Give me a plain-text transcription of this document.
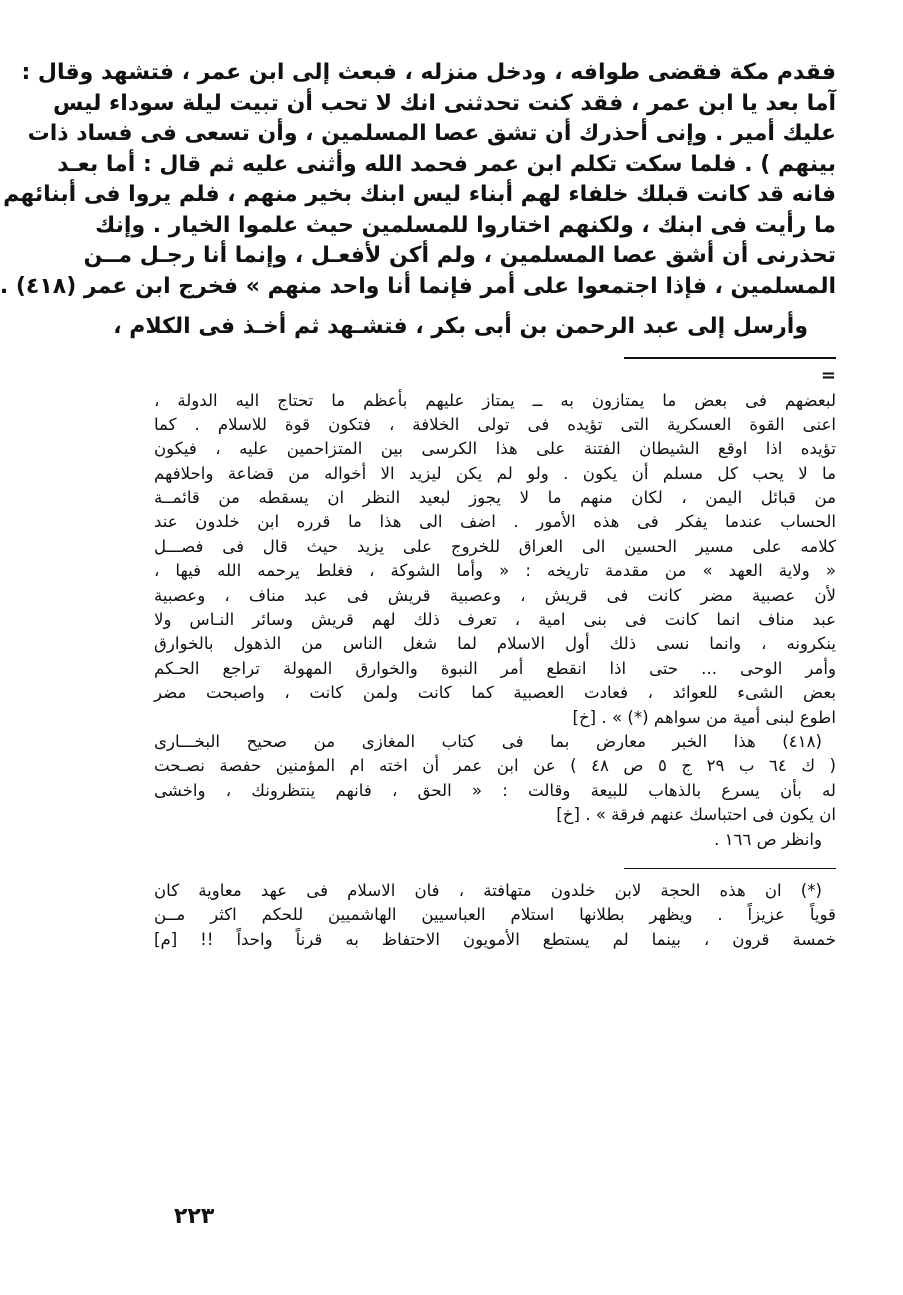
فقدم مكة فقضى طوافه ، ودخل منزله ، فبعث إلى ابن عمر ، فتشهد وقال :
آما بعد يا ابن عمر ، فقد كنت تحدثنى انك لا تحب أن تبيت ليلة سوداء ليس
عليك أمير . وإنى أحذرك أن تشق عصا المسلمين ، وأن تسعى فى فساد ذات
بينهم ) . فلما سكت تكلم ابن عمر فحمد الله وأثنى عليه ثم قال : أما بعـد
فانه قد كانت قبلك خلفاء لهم أبناء ليس ابنك بخير منهم ، فلم يروا فى أبنائهم
ما رأيت فى ابنك ، ولكنهم اختاروا للمسلمين حيث علموا الخيار . وإنك
تحذرنى أن أشق عصا المسلمين ، ولم أكن لأفعـل ، وإنما أنا رجـل مــن
المسلمين ، فإذا اجتمعوا على أمر فإنما أنا واحد منهم » فخرج ابن عمر (٤١٨) .
وأرسل إلى عبد الرحمن بن أبى بكر ، فتشـهد ثم أخـذ فى الكلام ،
=
لبعضهم فى بعض ما يمتازون به ــ يمتاز عليهم بأعظم ما تحتاج اليه الدولة ،
اعنى القوة العسكرية التى تؤيده فى تولى الخلافة ، فتكون قوة للاسلام . كما
تؤيده اذا اوقع الشيطان الفتنة على هذا الكرسى بين المتزاحمين عليه ، فيكون
ما لا يحب كل مسلم أن يكون . ولو لم يكن ليزيد الا أخواله من قضاعة واحلافهم
من قبائل اليمن ، لكان منهم ما لا يجوز لبعيد النظر ان يسقطه من قائمــة
الحساب عندما يفكر فى هذه الأمور . اضف الى هذا ما قرره ابن خلدون عند
كلامه على مسير الحسين الى العراق للخروج على يزيد حيث قال فى فصـــل
« ولاية العهد » من مقدمة تاريخه : « وأما الشوكة ، فغلط يرحمه الله فيها ،
لأن عصبية مضر كانت فى قريش ، وعصبية قريش فى عبد مناف ، وعصبية
عبد مناف انما كانت فى بنى امية ، تعرف ذلك لهم قريش وسائر النـاس ولا
ينكرونه ، وانما نسى ذلك أول الاسلام لما شغل الناس من الذهول بالخوارق
وأمر الوحى ... حتى اذا انقطع أمر النبوة والخوارق المهولة تراجع الحـكم
بعض الشىء للعوائد ، فعادت العصبية كما كانت ولمن كانت ، واصبحت مضر
اطوع لبنى أمية من سواهم (*) » . [خ]
(٤١٨) هذا الخبر معارض بما فى كتاب المغازى من صحيح البخـــارى
( ك ٦٤ ب ٢٩ ج ٥ ص ٤٨ ) عن ابن عمر أن اخته ام المؤمنين حفصة نصـحت
له بأن يسرع بالذهاب للبيعة وقالت : « الحق ، فانهم ينتظرونك ، واخشى
ان يكون فى احتباسك عنهم فرقة » . [خ]
وانظر ص ١٦٦ .
(*) ان هذه الحجة لابن خلدون متهافتة ، فان الاسلام فى عهد معاوية كان
قوياً عزيزاً . ويظهر بطلانها استلام العباسيين الهاشميين للحكم اكثر مــن
خمسة قرون ، بينما لم يستطع الأمويون الاحتفاظ به قرناً واحداً !! [م]
٢٢٣
